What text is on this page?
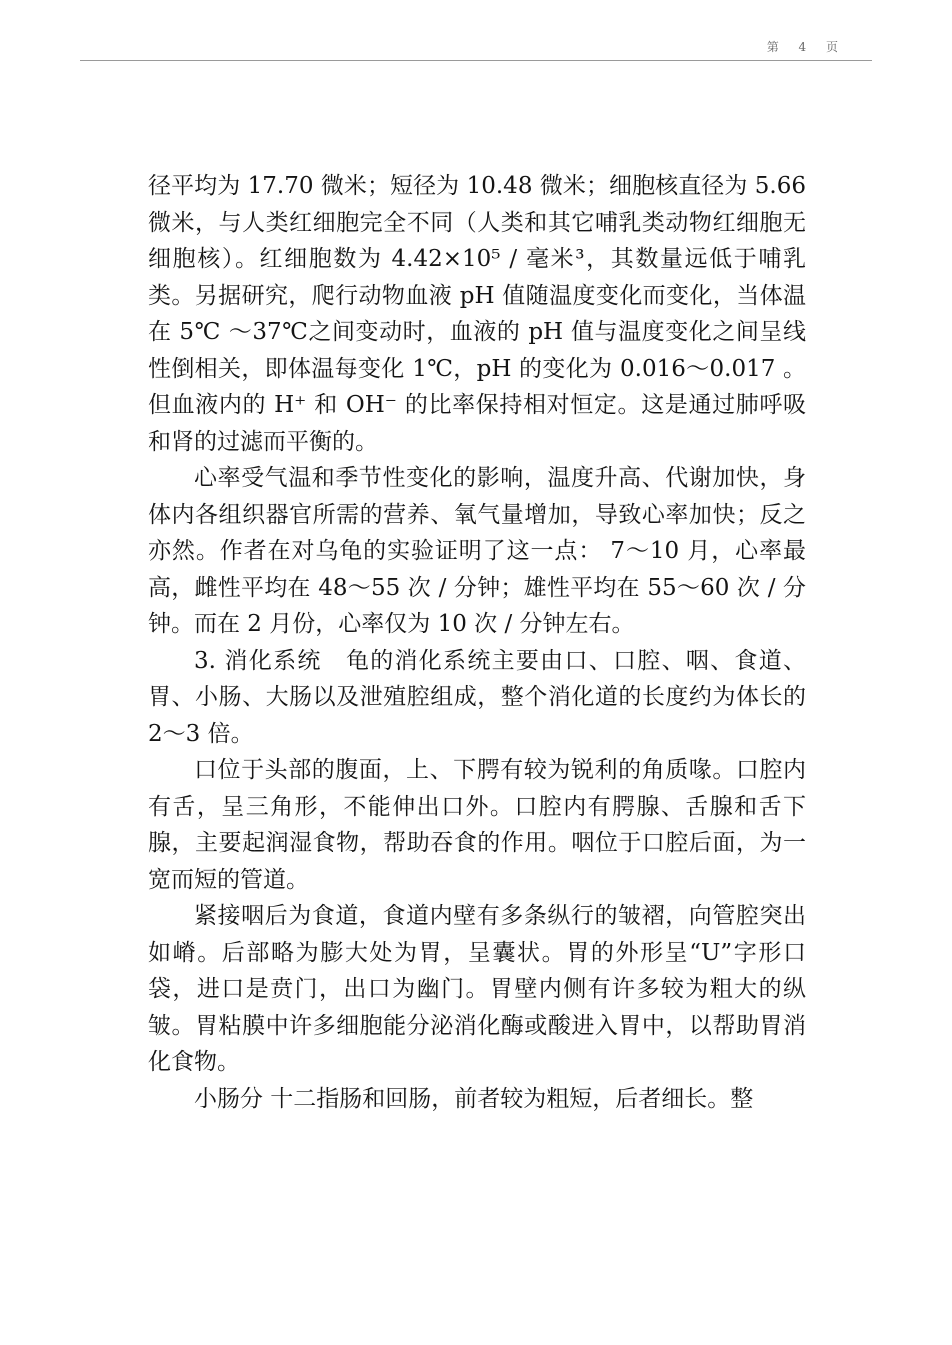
第 4 页

径平均为 17.70 微米；短径为 10.48 微米；细胞核直径为 5.66 微米，与人类红细胞完全不同（人类和其它哺乳类动物红细胞无细胞核）。红细胞数为 4.42×10⁵ / 毫米³，其数量远低于哺乳类。另据研究，爬行动物血液 pH 值随温度变化而变化，当体温在 5℃ ～37℃之间变动时，血液的 pH 值与温度变化之间呈线性倒相关，即体温每变化 1℃，pH 的变化为 0.016～0.017 。但血液内的 H⁺ 和 OH⁻ 的比率保持相对恒定。这是通过肺呼吸和肾的过滤而平衡的。

心率受气温和季节性变化的影响，温度升高、代谢加快，身体内各组织器官所需的营养、氧气量增加，导致心率加快；反之亦然。作者在对乌龟的实验证明了这一点： 7～10 月，心率最高，雌性平均在 48～55 次 / 分钟；雄性平均在 55～60 次 / 分钟。而在 2 月份，心率仅为 10 次 / 分钟左右。

3. 消化系统　龟的消化系统主要由口、口腔、咽、食道、胃、小肠、大肠以及泄殖腔组成，整个消化道的长度约为体长的 2～3 倍。

口位于头部的腹面，上、下腭有较为锐利的角质喙。口腔内有舌，呈三角形，不能伸出口外。口腔内有腭腺、舌腺和舌下腺，主要起润湿食物，帮助吞食的作用。咽位于口腔后面，为一宽而短的管道。

紧接咽后为食道，食道内壁有多条纵行的皱褶，向管腔突出如嵴。后部略为膨大处为胃，呈囊状。胃的外形呈“U”字形口袋，进口是贲门，出口为幽门。胃壁内侧有许多较为粗大的纵皱。胃粘膜中许多细胞能分泌消化酶或酸进入胃中，以帮助胃消化食物。

小肠分 十二指肠和回肠，前者较为粗短，后者细长。整
